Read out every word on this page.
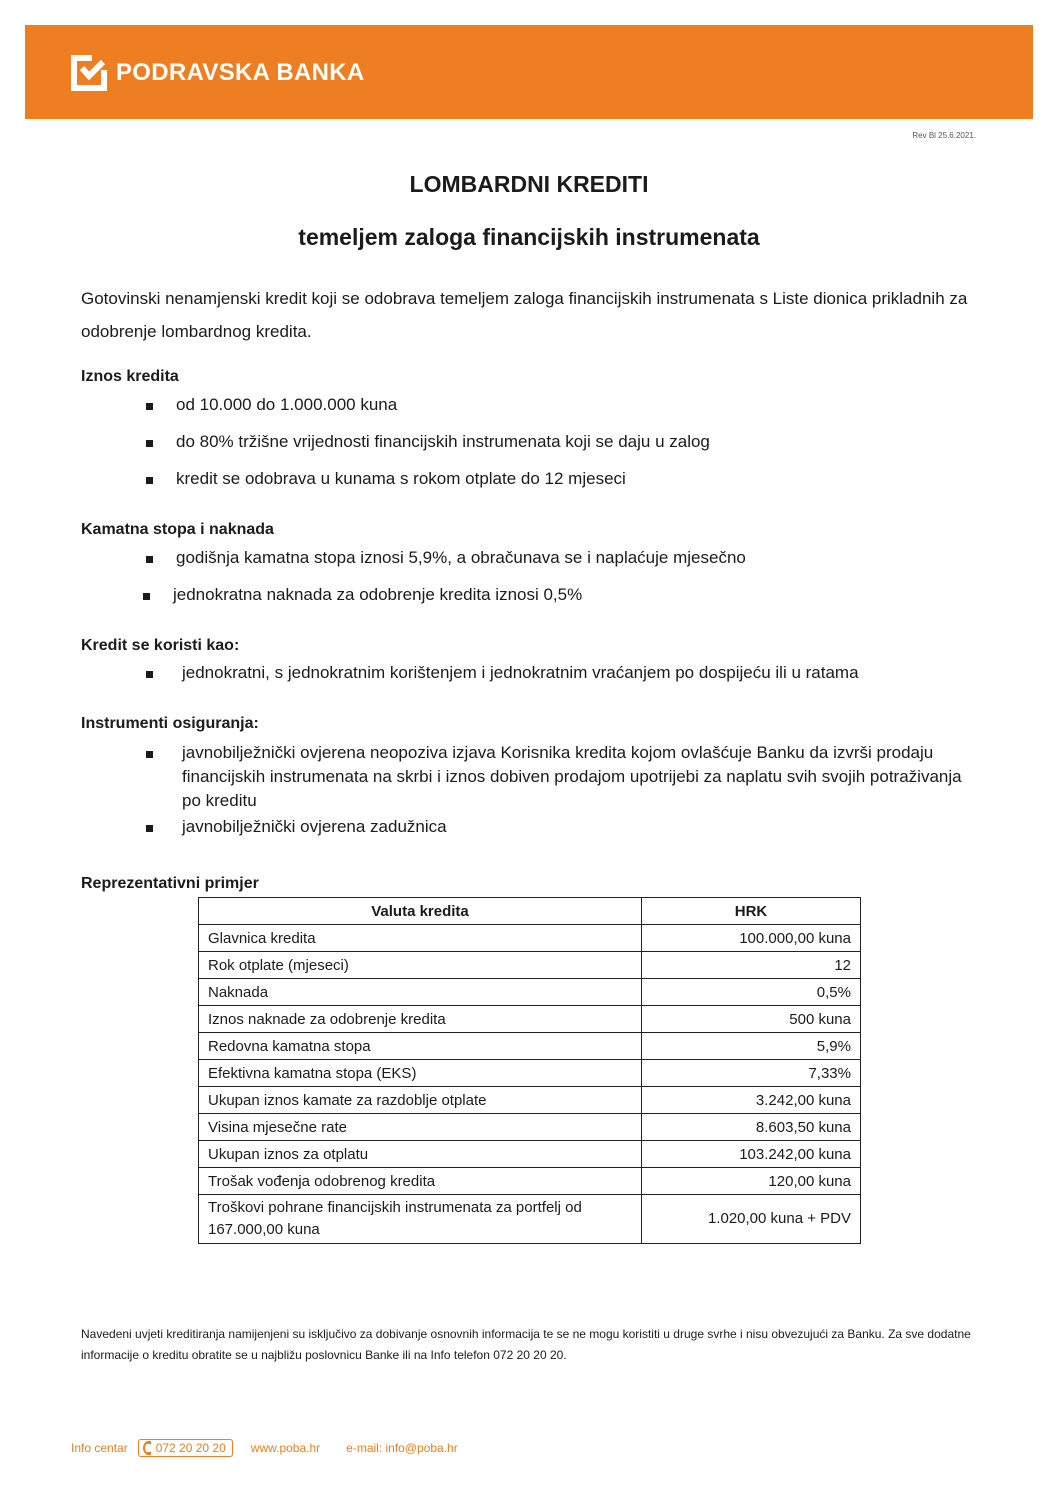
PODRAVSKA BANKA
Rev Bl 25.6.2021.
LOMBARDNI KREDITI
temeljem zaloga financijskih instrumenata
Gotovinski nenamjenski kredit koji se odobrava temeljem zaloga financijskih instrumenata s Liste dionica prikladnih za odobrenje lombardnog kredita.
Iznos kredita
od 10.000 do 1.000.000 kuna
do 80% tržišne vrijednosti financijskih instrumenata koji se daju u zalog
kredit se odobrava u kunama s rokom otplate do 12 mjeseci
Kamatna stopa i naknada
godišnja kamatna stopa iznosi 5,9%, a obračunava se i naplaćuje mjesečno
jednokratna naknada za odobrenje kredita iznosi 0,5%
Kredit se koristi kao:
jednokratni, s jednokratnim korištenjem i jednokratnim vraćanjem po dospijeću ili u ratama
Instrumenti osiguranja:
javnobilježnički ovjerena neopoziva izjava Korisnika kredita kojom ovlašćuje Banku da izvrši prodaju financijskih instrumenata na skrbi i iznos dobiven prodajom upotrijebi za naplatu svih svojih potraživanja po kreditu
javnobilježnički ovjerena zadužnica
Reprezentativni primjer
Valuta kredita	HRK
Glavnica kredita	100.000,00 kuna
Rok otplate (mjeseci)	12
Naknada	0,5%
Iznos naknade za odobrenje kredita	500 kuna
Redovna kamatna stopa	5,9%
Efektivna kamatna stopa (EKS)	7,33%
Ukupan iznos kamate za razdoblje otplate	3.242,00 kuna
Visina mjesečne rate	8.603,50 kuna
Ukupan iznos za otplatu	103.242,00 kuna
Trošak vođenja odobrenog kredita	120,00 kuna
Troškovi pohrane financijskih instrumenata za portfelj od 167.000,00 kuna	1.020,00 kuna + PDV
Navedeni uvjeti kreditiranja namijenjeni su isključivo za dobivanje osnovnih informacija te se ne mogu koristiti u druge svrhe i nisu obvezujući za Banku. Za sve dodatne informacije o kreditu obratite se u najbližu poslovnicu Banke ili na Info telefon 072 20 20 20.
Info centar 072 20 20 20 www.poba.hr e-mail: info@poba.hr
